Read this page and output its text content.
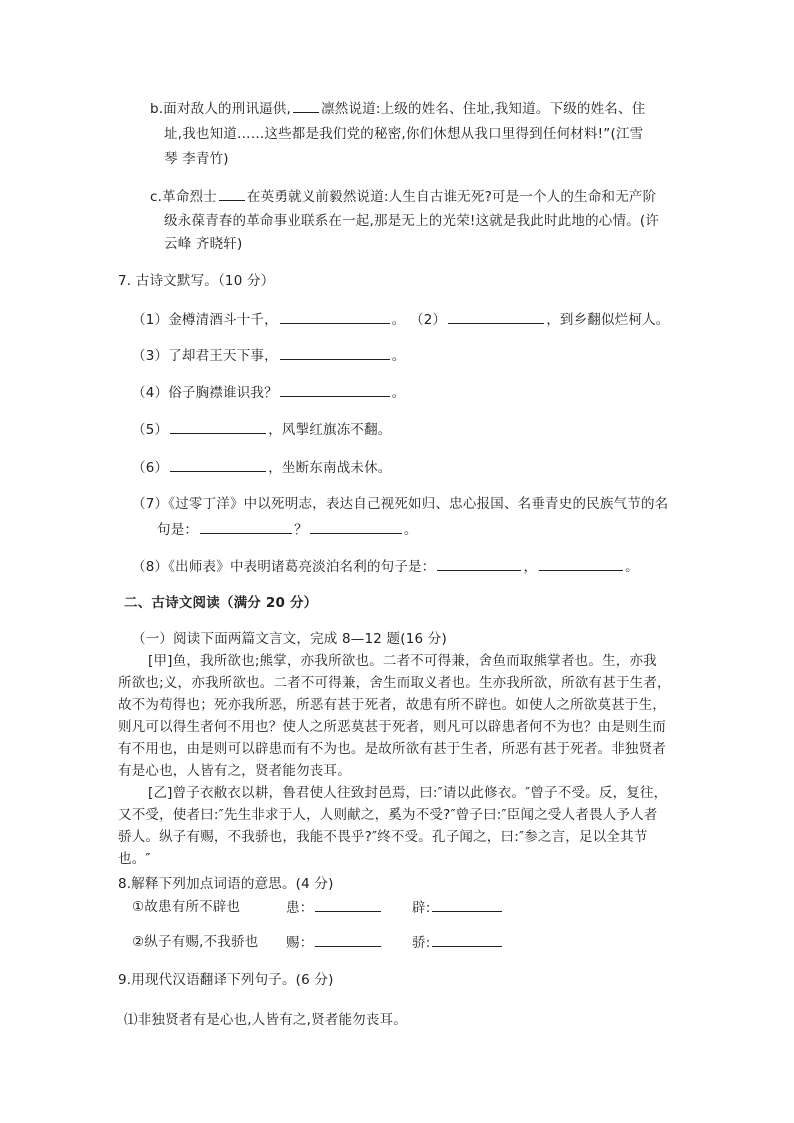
b.面对敌人的刑讯逼供, 凛然说道:上级的姓名、住址,我知道。下级的姓名、住
址,我也知道……这些都是我们党的秘密,你们休想从我口里得到任何材料!”(江雪
琴 李青竹)
c.革命烈士 在英勇就义前毅然说道:人生自古谁无死?可是一个人的生命和无产阶
级永葆青春的革命事业联系在一起,那是无上的光荣!这就是我此时此地的心情。(许
云峰 齐晓轩)
7. 古诗文默写。（10 分）
（1）金樽清酒斗十千，	。 （2）	，到乡翻似烂柯人。
（3）了却君王天下事，	。
（4）俗子胸襟谁识我？	。
（5）	，风掣红旗冻不翻。
（6）	，坐断东南战未休。
（7）《过零丁洋》中以死明志，表达自己视死如归、忠心报国、名垂青史的民族气节的名
句是：	？	。
（8）《出师表》中表明诸葛亮淡泊名利的句子是：	，	。
二、古诗文阅读（满分 20 分）
（一）阅读下面两篇文言文，完成 8—12 题(16 分)
[甲]鱼，我所欲也;熊掌，亦我所欲也。二者不可得兼，舍鱼而取熊掌者也。生，亦我
所欲也;义，亦我所欲也。二者不可得兼，舍生而取义者也。生亦我所欲，所欲有甚于生者，
故不为苟得也；死亦我所恶，所恶有甚于死者，故患有所不辟也。如使人之所欲莫甚于生，
则凡可以得生者何不用也？使人之所恶莫甚于死者，则凡可以辟患者何不为也？由是则生而
有不用也，由是则可以辟患而有不为也。是故所欲有甚于生者，所恶有甚于死者。非独贤者
有是心也，人皆有之，贤者能勿丧耳。
[乙]曾子衣敝衣以耕，鲁君使人往致封邑焉，曰:″请以此修衣。″曾子不受。反，复往，
又不受，使者曰:″先生非求于人，人则献之，奚为不受?″曾子曰:″臣闻之受人者畏人予人者
骄人。纵子有赐，不我骄也，我能不畏乎?″终不受。孔子闻之，曰:″参之言，足以全其节
也。″
8.解释下列加点词语的意思。(4 分)
①故患有所不辟也	患：	辟:
②纵子有赐,不我骄也 赐：	骄:
9.用现代汉语翻译下列句子。(6 分)
⑴非独贤者有是心也,人皆有之,贤者能勿丧耳。
